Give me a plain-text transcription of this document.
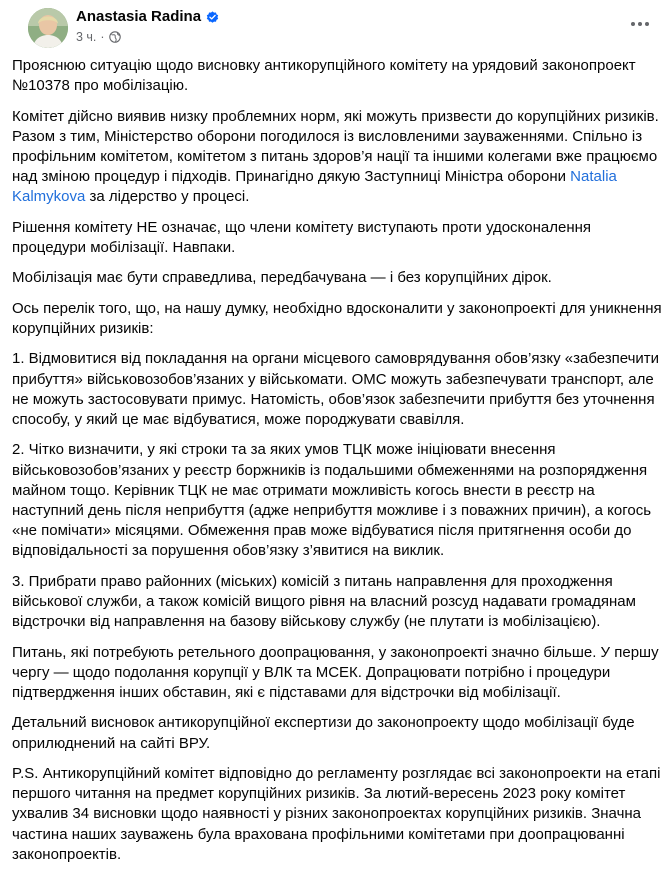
Anastasia Radina
3 ч. ·

Прояснюю ситуацію щодо висновку антикорупційного комітету на урядовий законопроект №10378 про мобілізацію.

Комітет дійсно виявив низку проблемних норм, які можуть призвести до корупційних ризиків. Разом з тим, Міністерство оборони погодилося із висловленими зауваженнями. Спільно із профільним комітетом, комітетом з питань здоров’я нації та іншими колегами вже працюємо над зміною процедур і підходів. Принагідно дякую Заступниці Міністра оборони Natalia Kalmykova за лідерство у процесі.

Рішення комітету НЕ означає, що члени комітету виступають проти удосконалення процедури мобілізації. Навпаки.

Мобілізація має бути справедлива, передбачувана — і без корупційних дірок.

Ось перелік того, що, на нашу думку, необхідно вдосконалити у законопроекті для уникнення корупційних ризиків:

1. Відмовитися від покладання на органи місцевого самоврядування обов’язку «забезпечити прибуття» військовозобов’язаних у військомати. ОМС можуть забезпечувати транспорт, але не можуть застосовувати примус. Натомість, обов’язок забезпечити прибуття без уточнення способу, у який це має відбуватися, може породжувати свавілля.

2. Чітко визначити, у які строки та за яких умов ТЦК може ініціювати внесення військовозобов’язаних у реєстр боржників із подальшими обмеженнями на розпорядження майном тощо. Керівник ТЦК не має отримати можливість когось внести в реєстр на наступний день після неприбуття (адже неприбуття можливе і з поважних причин), а когось «не помічати» місяцями. Обмеження прав може відбуватися після притягнення особи до відповідальності за порушення обов’язку з’явитися на виклик.

3. Прибрати право районних (міських) комісій з питань направлення для проходження військової служби, а також комісій вищого рівня на власний розсуд надавати громадянам відстрочки від направлення на базову військову службу (не плутати із мобілізацією).

Питань, які потребують ретельного доопрацювання, у законопроекті значно більше. У першу чергу — щодо подолання корупції у ВЛК та МСЕК. Допрацювати потрібно і процедури підтвердження інших обставин, які є підставами для відстрочки від мобілізації.

Детальний висновок антикорупційної експертизи до законопроекту щодо мобілізації буде оприлюднений на сайті ВРУ.

P.S. Антикорупційний комітет відповідно до регламенту розглядає всі законопроекти на етапі першого читання на предмет корупційних ризиків. За лютий-вересень 2023 року комітет ухвалив 34 висновки щодо наявності у різних законопроектах корупційних ризиків. Значна частина наших зауважень була врахована профільними комітетами при доопрацюванні законопроектів.
